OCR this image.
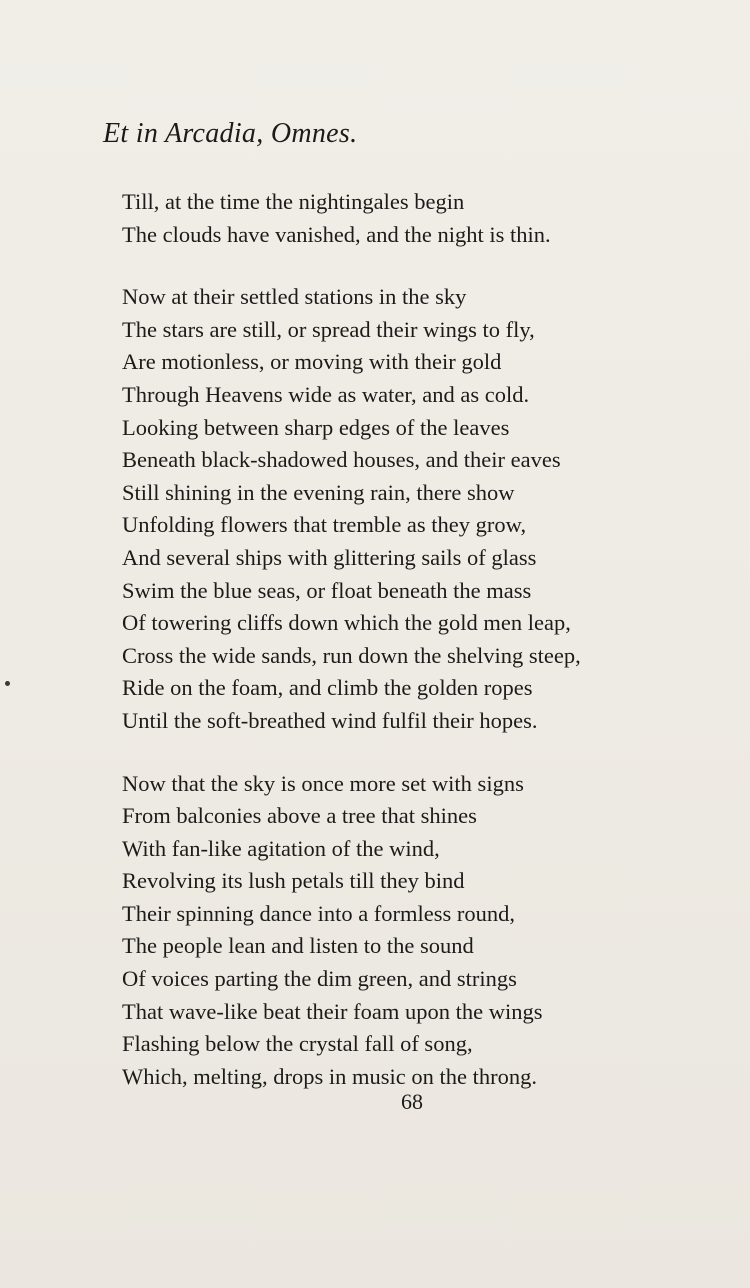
Et in Arcadia, Omnes.
Till, at the time the nightingales begin
The clouds have vanished, and the night is thin.
Now at their settled stations in the sky
The stars are still, or spread their wings to fly,
Are motionless, or moving with their gold
Through Heavens wide as water, and as cold.
Looking between sharp edges of the leaves
Beneath black-shadowed houses, and their eaves
Still shining in the evening rain, there show
Unfolding flowers that tremble as they grow,
And several ships with glittering sails of glass
Swim the blue seas, or float beneath the mass
Of towering cliffs down which the gold men leap,
Cross the wide sands, run down the shelving steep,
Ride on the foam, and climb the golden ropes
Until the soft-breathed wind fulfil their hopes.
Now that the sky is once more set with signs
From balconies above a tree that shines
With fan-like agitation of the wind,
Revolving its lush petals till they bind
Their spinning dance into a formless round,
The people lean and listen to the sound
Of voices parting the dim green, and strings
That wave-like beat their foam upon the wings
Flashing below the crystal fall of song,
Which, melting, drops in music on the throng.
68
